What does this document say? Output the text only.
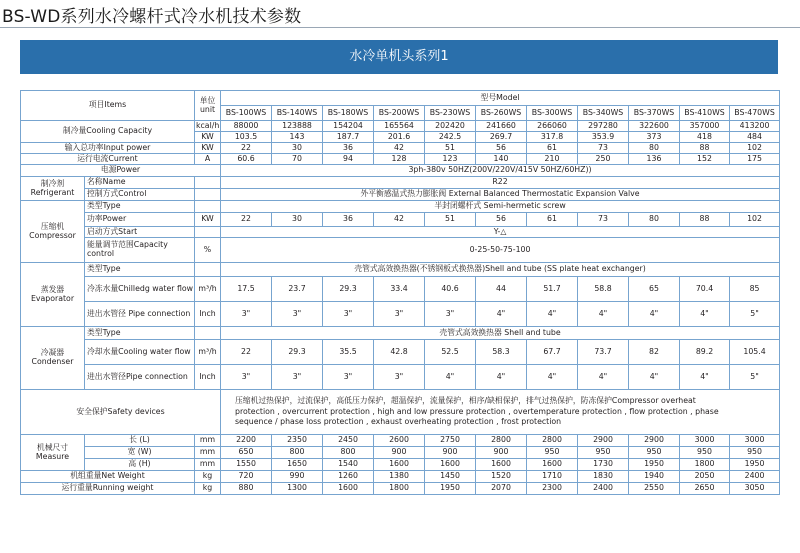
BS-WD系列水冷螺杆式冷水机技术参数
水冷单机头系列1
项目Items		单位 unit	型号Model										
			BS-100WS	BS-140WS	BS-180WS	BS-200WS	BS-230WS	BS-260WS	BS-300WS	BS-340WS	BS-370WS	BS-410WS	BS-470WS
制冷量Cooling Capacity		kcal/h	88000	123888	154204	165564	202420	241660	266060	297280	322600	357000	413200
		KW	103.5	143	187.7	201.6	242.5	269.7	317.8	353.9	373	418	484
输入总功率Input power		KW	22	30	36	42	51	56	61	73	80	88	102
运行电流Current		A	60.6	70	94	128	123	140	210	250	136	152	175
电源Power			3ph-380v 50HZ(200V/220V/415V 50HZ/60HZ))										
制冷剂 Refrigerant	名称Name		R22										
	控制方式Control		外平衡感温式热力膨胀阀 External Balanced Thermostatic Expansion Valve										
压缩机 Compressor	类型Type		半封闭螺杆式 Semi-hermetic screw										
	功率Power	KW	22	30	36	42	51	56	61	73	80	88	102
	启动方式Start		Y-△										
	能量调节范围Capacity control	%	0-25-50-75-100										
蒸发器 Evaporator	类型Type		壳管式高效换热器(不锈钢板式换热器)Shell and tube (SS plate heat exchanger)										
	冷冻水量Chilledg water flow	m³/h	17.5	23.7	29.3	33.4	40.6	44	51.7	58.8	65	70.4	85
	进出水管径 Pipe connection	Inch	3"	3"	3"	3"	3"	4"	4"	4"	4"	4"	5"
冷凝器 Condenser	类型Type		壳管式高效换热器 Shell and tube										
	冷却水量Cooling water flow	m³/h	22	29.3	35.5	42.8	52.5	58.3	67.7	73.7	82	89.2	105.4
	进出水管径Pipe connection	Inch	3"	3"	3"	3"	4"	4"	4"	4"	4"	4"	5"
安全保护Safety devices			压缩机过热保护，过流保护，高低压力保护，超温保护，流量保护，相序/缺相保护，排气过热保护，防冻保护Compressor overheat
protection , overcurrent protection , high and low pressure protection , overtemperature protection , flow protection , phase
sequence / phase loss protection , exhaust overheating protection , frost protection										

机械尺寸 Measure	长 (L)	mm	2200	2350	2450	2600	2750	2800	2800	2900	2900	3000	3000
	宽 (W)	mm	650	800	800	900	900	900	950	950	950	950	950
	高 (H)	mm	1550	1650	1540	1600	1600	1600	1600	1730	1950	1800	1950
机组重量Net Weight		kg	720	990	1260	1380	1450	1520	1710	1830	1940	2050	2400
运行重量Running weight		kg	880	1300	1600	1800	1950	2070	2300	2400	2550	2650	3050
